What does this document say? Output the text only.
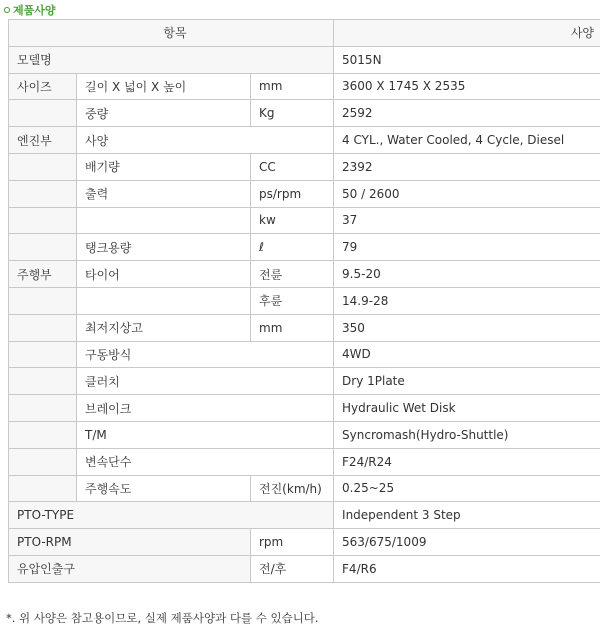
제품사양
항목			사양
모델명			5015N
사이즈	길이 X 넓이 X 높이	mm	3600 X 1745 X 2535
	중량	Kg	2592
엔진부	사양		4 CYL., Water Cooled, 4 Cycle, Diesel
	배기량	CC	2392
	출력	ps/rpm	50 / 2600
		kw	37
	탱크용량	ℓ	79
주행부	타이어	전륜	9.5-20
		후륜	14.9-28
	최저지상고	mm	350
	구동방식		4WD
	클러치		Dry 1Plate
	브레이크		Hydraulic Wet Disk
	T/M		Syncromash(Hydro-Shuttle)
	변속단수		F24/R24
	주행속도	전진(km/h)	0.25~25
PTO-TYPE			Independent 3 Step
PTO-RPM		rpm	563/675/1009
유압인출구		전/후	F4/R6
*. 위 사양은 참고용이므로, 실제 제품사양과 다를 수 있습니다.
